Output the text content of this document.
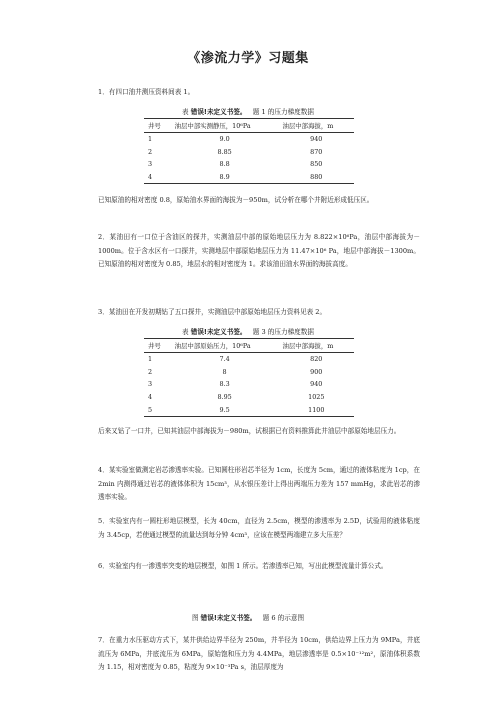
《渗流力学》习题集
1．有四口油井测压资料间表 1。
表 错误!未定义书签。 题 1 的压力梯度数据
井号	油层中部实测静压，10⁶Pa	油层中部海拔，m
1	9.0	940
2	8.85	870
3	8.8	850
4	8.9	880
已知原油的相对密度 0.8，原始油水界面的海拔为－950m，试分析在哪个井附近形成低压区。
2．某油田有一口位于含油区的探井，实测油层中部的原始地层压力为 8.822×10⁶Pa，油层中部海拔为－1000m。位于含水区有一口探井，实测地层中部原始地层压力为 11.47×10⁶ Pa，地层中部海拔－1300m。已知原油的相对密度为 0.85，地层水的相对密度为 1。求该油田油水界面的海拔高度。
3．某油田在开发初期钻了五口探井，实测油层中部原始地层压力资料见表 2。
表 错误!未定义书签。 题 3 的压力梯度数据
井号	油层中部原始压力，10⁶Pa	油层中部海拔，m
1	7.4	820
2	8	900
3	8.3	940
4	8.95	1025
5	9.5	1100
后来又钻了一口井，已知其油层中部海拔为－980m，试根据已有资料推算此井油层中部原始地层压力。
4．某实验室做测定岩芯渗透率实验。已知圆柱形岩芯半径为 1cm，长度为 5cm，通过的液体粘度为 1cp，在 2min 内测得通过岩芯的液体体积为 15cm³，从水银压差计上得出两端压力差为 157 mmHg，求此岩芯的渗透率实验。
5．实验室内有一圆柱形地层模型，长为 40cm，直径为 2.5cm，模型的渗透率为 2.5D，试验用的液体粘度为 3.45cp，若使通过模型的流量达到每分钟 4cm³，应该在模型两端建立多大压差？
6．实验室内有一渗透率突变的地层模型，如图 1 所示。若渗透率已知，写出此模型流量计算公式。
图 错误!未定义书签。 题 6 的示意图
7．在重力水压驱动方式下，某井供给边界半径为 250m，井半径为 10cm，供给边界上压力为 9MPa，井底流压为 6MPa，井底流压为 6MPa，原始饱和压力为 4.4MPa，地层渗透率是 0.5×10⁻¹²m²，原油体积系数为 1.15，相对密度为 0.85，粘度为 9×10⁻³Pa s，油层厚度为
